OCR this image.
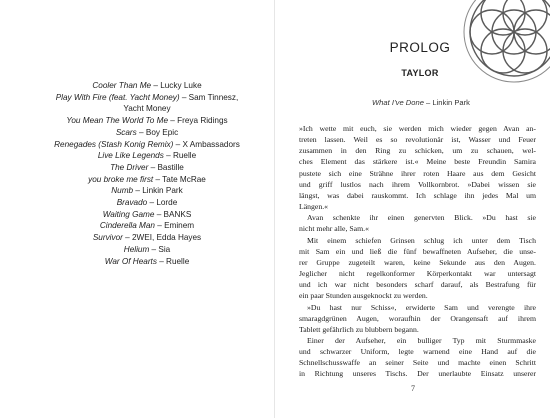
Cooler Than Me – Lucky Luke
Play With Fire (feat. Yacht Money) – Sam Tinnesz,
Yacht Money
You Mean The World To Me – Freya Ridings
Scars – Boy Epic
Renegades (Stash Konig Remix) – X Ambassadors
Live Like Legends – Ruelle
The Driver – Bastille
you broke me first – Tate McRae
Numb – Linkin Park
Bravado – Lorde
Waiting Game – BANKS
Cinderella Man – Eminem
Survivor – 2WEI, Edda Hayes
Helium – Sia
War Of Hearts – Ruelle

PROLOG

TAYLOR

What I’ve Done – Linkin Park

»Ich wette mit euch, sie werden mich wieder gegen Avan an-
treten lassen. Weil es so revolutionär ist, Wasser und Feuer
zusammen in den Ring zu schicken, um zu schauen, wel-
ches Element das stärkere ist.« Meine beste Freundin Samira
pustete sich eine Strähne ihrer roten Haare aus dem Gesicht
und griff lustlos nach ihrem Vollkornbrot. »Dabei wissen sie
längst, was dabei rauskommt. Ich schlage ihn jedes Mal um
Längen.«
Avan schenkte ihr einen genervten Blick. »Du hast sie
nicht mehr alle, Sam.«
Mit einem schiefen Grinsen schlug ich unter dem Tisch
mit Sam ein und ließ die fünf bewaffneten Aufseher, die unse-
rer Gruppe zugeteilt waren, keine Sekunde aus den Augen.
Jeglicher nicht regelkonformer Körperkontakt war untersagt
und ich war nicht besonders scharf darauf, als Bestrafung für
ein paar Stunden ausgeknockt zu werden.
»Du hast nur Schiss«, erwiderte Sam und verengte ihre
smaragdgrünen Augen, woraufhin der Orangensaft auf ihrem
Tablett gefährlich zu blubbern begann.
Einer der Aufseher, ein bulliger Typ mit Sturmmaske
und schwarzer Uniform, legte warnend eine Hand auf die
Schnellschusswaffe an seiner Seite und machte einen Schritt
in Richtung unseres Tischs. Der unerlaubte Einsatz unserer

7
